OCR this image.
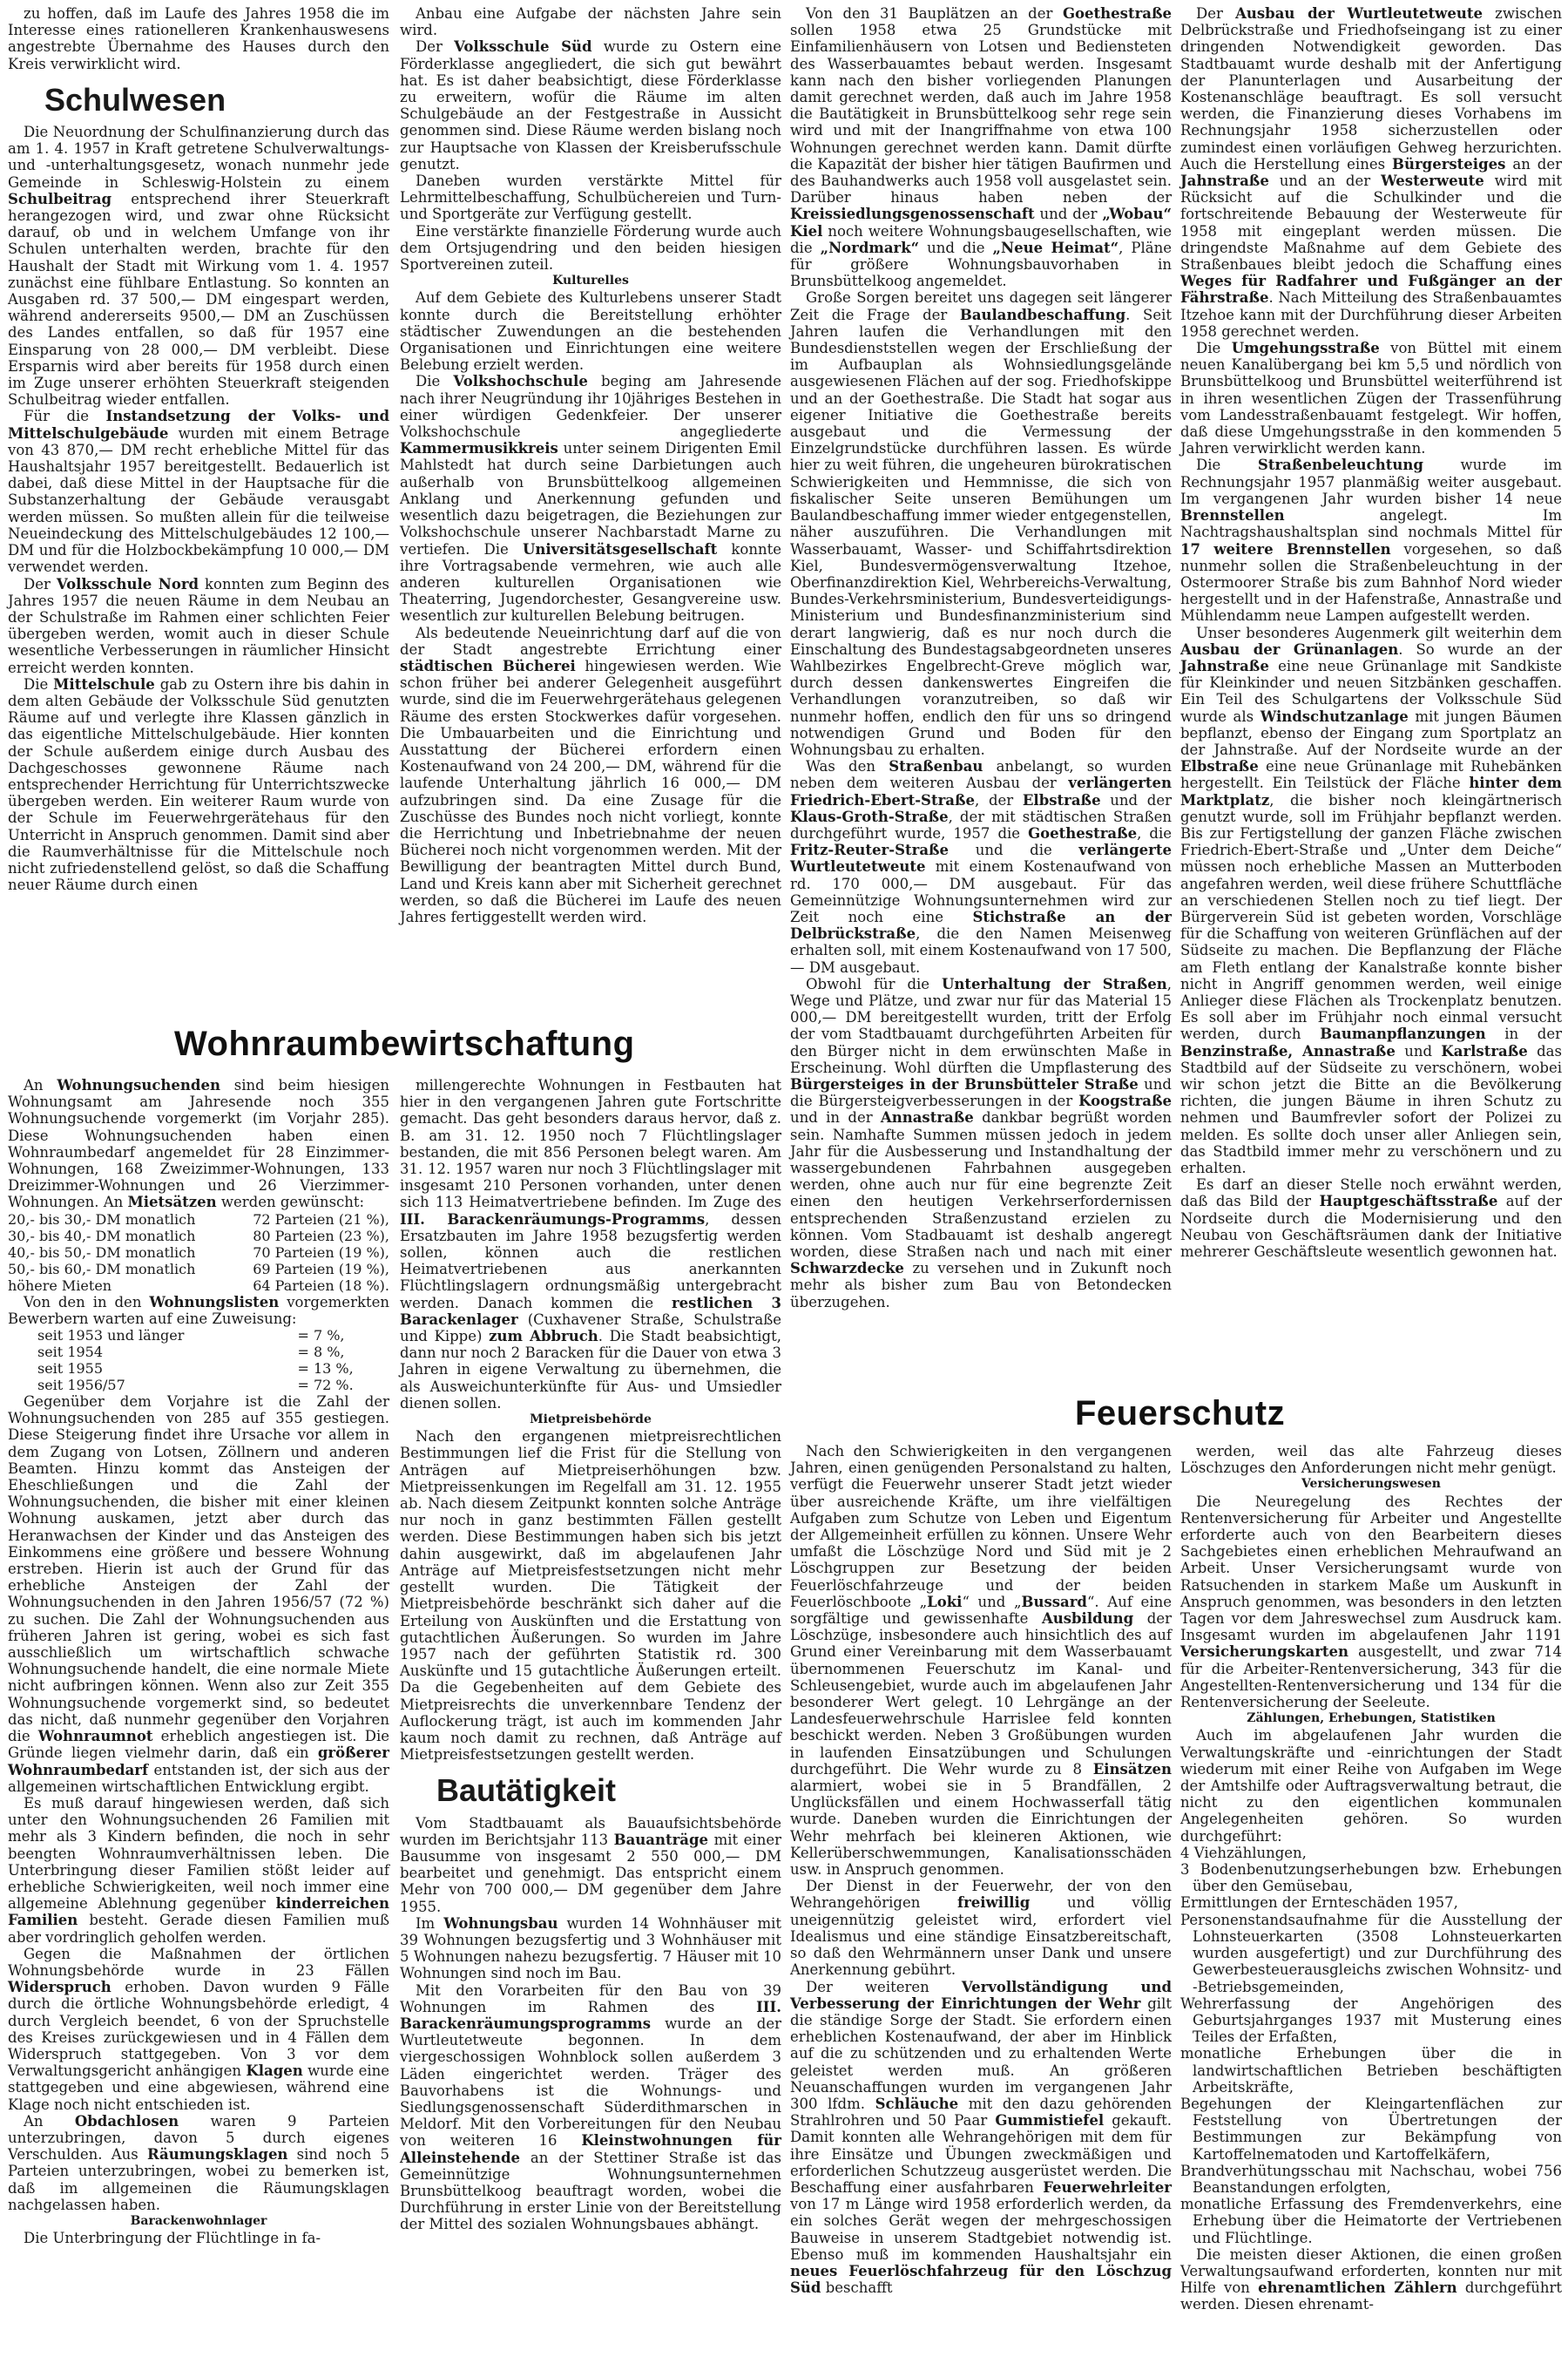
zu hoffen, daß im Laufe des Jahres 1958 die im Interesse eines rationelleren Krankenhauswesens angestrebte Übernahme des Hauses durch den Kreis verwirklicht wird.

Schulwesen

Die Neuordnung der Schulfinanzierung durch das am 1. 4. 1957 in Kraft getretene Schulverwaltungs- und -unterhaltungsgesetz, wonach nunmehr jede Gemeinde in Schleswig-Holstein zu einem Schulbeitrag entsprechend ihrer Steuerkraft herangezogen wird, und zwar ohne Rücksicht darauf, ob und in welchem Umfange von ihr Schulen unterhalten werden, brachte für den Haushalt der Stadt mit Wirkung vom 1. 4. 1957 zunächst eine fühlbare Entlastung. So konnten an Ausgaben rd. 37 500,— DM eingespart werden, während andererseits 9500,— DM an Zuschüssen des Landes entfallen, so daß für 1957 eine Einsparung von 28 000,— DM verbleibt. Diese Ersparnis wird aber bereits für 1958 durch einen im Zuge unserer erhöhten Steuerkraft steigenden Schulbeitrag wieder entfallen.

Für die Instandsetzung der Volks- und Mittelschulgebäude wurden mit einem Betrage von 43 870,— DM recht erhebliche Mittel für das Haushaltsjahr 1957 bereitgestellt. Bedauerlich ist dabei, daß diese Mittel in der Hauptsache für die Substanzerhaltung der Gebäude verausgabt werden müssen. So mußten allein für die teilweise Neueindeckung des Mittelschulgebäudes 12 100,— DM und für die Holzbockbekämpfung 10 000,— DM verwendet werden.

Der Volksschule Nord konnten zum Beginn des Jahres 1957 die neuen Räume in dem Neubau an der Schulstraße im Rahmen einer schlichten Feier übergeben werden, womit auch in dieser Schule wesentliche Verbesserungen in räumlicher Hinsicht erreicht werden konnten.

Die Mittelschule gab zu Ostern ihre bis dahin in dem alten Gebäude der Volksschule Süd genutzten Räume auf und verlegte ihre Klassen gänzlich in das eigentliche Mittelschulgebäude. Hier konnten der Schule außerdem einige durch Ausbau des Dachgeschosses gewonnene Räume nach entsprechender Herrichtung für Unterrichtszwecke übergeben werden. Ein weiterer Raum wurde von der Schule im Feuerwehrgerätehaus für den Unterricht in Anspruch genommen. Damit sind aber die Raumverhältnisse für die Mittelschule noch nicht zufriedenstellend gelöst, so daß die Schaffung neuer Räume durch einen

Anbau eine Aufgabe der nächsten Jahre sein wird.

Der Volksschule Süd wurde zu Ostern eine Förderklasse angegliedert, die sich gut bewährt hat. Es ist daher beabsichtigt, diese Förderklasse zu erweitern, wofür die Räume im alten Schulgebäude an der Festgestraße in Aussicht genommen sind. Diese Räume werden bislang noch zur Hauptsache von Klassen der Kreisberufsschule genutzt.

Daneben wurden verstärkte Mittel für Lehrmittelbeschaffung, Schulbüchereien und Turn- und Sportgeräte zur Verfügung gestellt.

Eine verstärkte finanzielle Förderung wurde auch dem Ortsjugendring und den beiden hiesigen Sportvereinen zuteil.

Kulturelles

Auf dem Gebiete des Kulturlebens unserer Stadt konnte durch die Bereitstellung erhöhter städtischer Zuwendungen an die bestehenden Organisationen und Einrichtungen eine weitere Belebung erzielt werden.

Die Volkshochschule beging am Jahresende nach ihrer Neugründung ihr 10jähriges Bestehen in einer würdigen Gedenkfeier. Der unserer Volkshochschule angegliederte Kammermusikkreis unter seinem Dirigenten Emil Mahlstedt hat durch seine Darbietungen auch außerhalb von Brunsbüttelkoog allgemeinen Anklang und Anerkennung gefunden und wesentlich dazu beigetragen, die Beziehungen zur Volkshochschule unserer Nachbarstadt Marne zu vertiefen. Die Universitätsgesellschaft konnte ihre Vortragsabende vermehren, wie auch alle anderen kulturellen Organisationen wie Theaterring, Jugendorchester, Gesangvereine usw. wesentlich zur kulturellen Belebung beitrugen.

Als bedeutende Neueinrichtung darf auf die von der Stadt angestrebte Errichtung einer städtischen Bücherei hingewiesen werden. Wie schon früher bei anderer Gelegenheit ausgeführt wurde, sind die im Feuerwehrgerätehaus gelegenen Räume des ersten Stockwerkes dafür vorgesehen. Die Umbauarbeiten und die Einrichtung und Ausstattung der Bücherei erfordern einen Kostenaufwand von 24 200,— DM, während für die laufende Unterhaltung jährlich 16 000,— DM aufzubringen sind. Da eine Zusage für die Zuschüsse des Bundes noch nicht vorliegt, konnte die Herrichtung und Inbetriebnahme der neuen Bücherei noch nicht vorgenommen werden. Mit der Bewilligung der beantragten Mittel durch Bund, Land und Kreis kann aber mit Sicherheit gerechnet werden, so daß die Bücherei im Laufe des neuen Jahres fertiggestellt werden wird.

Von den 31 Bauplätzen an der Goethestraße sollen 1958 etwa 25 Grundstücke mit Einfamilienhäusern von Lotsen und Bediensteten des Wasserbauamtes bebaut werden. Insgesamt kann nach den bisher vorliegenden Planungen damit gerechnet werden, daß auch im Jahre 1958 die Bautätigkeit in Brunsbüttelkoog sehr rege sein wird und mit der Inangriffnahme von etwa 100 Wohnungen gerechnet werden kann. Damit dürfte die Kapazität der bisher hier tätigen Baufirmen und des Bauhandwerks auch 1958 voll ausgelastet sein. Darüber hinaus haben neben der Kreissiedlungsgenossenschaft und der „Wobau“ Kiel noch weitere Wohnungsbaugesellschaften, wie die „Nordmark“ und die „Neue Heimat“, Pläne für größere Wohnungsbauvorhaben in Brunsbüttelkoog angemeldet.

Große Sorgen bereitet uns dagegen seit längerer Zeit die Frage der Baulandbeschaffung. Seit Jahren laufen die Verhandlungen mit den Bundesdienststellen wegen der Erschließung der im Aufbauplan als Wohnsiedlungsgelände ausgewiesenen Flächen auf der sog. Friedhofskippe und an der Goethestraße. Die Stadt hat sogar aus eigener Initiative die Goethestraße bereits ausgebaut und die Vermessung der Einzelgrundstücke durchführen lassen. Es würde hier zu weit führen, die ungeheuren bürokratischen Schwierigkeiten und Hemmnisse, die sich von fiskalischer Seite unseren Bemühungen um Baulandbeschaffung immer wieder entgegenstellen, näher auszuführen. Die Verhandlungen mit Wasserbauamt, Wasser- und Schiffahrtsdirektion Kiel, Bundesvermögensverwaltung Itzehoe, Oberfinanzdirektion Kiel, Wehrbereichs-Verwaltung, Bundes-Verkehrsministerium, Bundesverteidigungs-Ministerium und Bundesfinanzministerium sind derart langwierig, daß es nur noch durch die Einschaltung des Bundestagsabgeordneten unseres Wahlbezirkes Engelbrecht-Greve möglich war, durch dessen dankenswertes Eingreifen die Verhandlungen voranzutreiben, so daß wir nunmehr hoffen, endlich den für uns so dringend notwendigen Grund und Boden für den Wohnungsbau zu erhalten.

Was den Straßenbau anbelangt, so wurden neben dem weiteren Ausbau der verlängerten Friedrich-Ebert-Straße, der Elbstraße und der Klaus-Groth-Straße, der mit städtischen Straßen durchgeführt wurde, 1957 die Goethestraße, die Fritz-Reuter-Straße und die verlängerte Wurtleutetweute mit einem Kostenaufwand von rd. 170 000,— DM ausgebaut. Für das Gemeinnützige Wohnungsunternehmen wird zur Zeit noch eine Stichstraße an der Delbrückstraße, die den Namen Meisenweg erhalten soll, mit einem Kostenaufwand von 17 500,— DM ausgebaut.

Obwohl für die Unterhaltung der Straßen, Wege und Plätze, und zwar nur für das Material 15 000,— DM bereitgestellt wurden, tritt der Erfolg der vom Stadtbauamt durchgeführten Arbeiten für den Bürger nicht in dem erwünschten Maße in Erscheinung. Wohl dürften die Umpflasterung des Bürgersteiges in der Brunsbütteler Straße und die Bürgersteigverbesserungen in der Koogstraße und in der Annastraße dankbar begrüßt worden sein. Namhafte Summen müssen jedoch in jedem Jahr für die Ausbesserung und Instandhaltung der wassergebundenen Fahrbahnen ausgegeben werden, ohne auch nur für eine begrenzte Zeit einen den heutigen Verkehrserfordernissen entsprechenden Straßenzustand erzielen zu können. Vom Stadbauamt ist deshalb angeregt worden, diese Straßen nach und nach mit einer Schwarzdecke zu versehen und in Zukunft noch mehr als bisher zum Bau von Betondecken überzugehen.

Der Ausbau der Wurtleutetweute zwischen Delbrückstraße und Friedhofseingang ist zu einer dringenden Notwendigkeit geworden. Das Stadtbauamt wurde deshalb mit der Anfertigung der Planunterlagen und Ausarbeitung der Kostenanschläge beauftragt. Es soll versucht werden, die Finanzierung dieses Vorhabens im Rechnungsjahr 1958 sicherzustellen oder zumindest einen vorläufigen Gehweg herzurichten. Auch die Herstellung eines Bürgersteiges an der Jahnstraße und an der Westerweute wird mit Rücksicht auf die Schulkinder und die fortschreitende Bebauung der Westerweute für 1958 mit eingeplant werden müssen. Die dringendste Maßnahme auf dem Gebiete des Straßenbaues bleibt jedoch die Schaffung eines Weges für Radfahrer und Fußgänger an der Fährstraße. Nach Mitteilung des Straßenbauamtes Itzehoe kann mit der Durchführung dieser Arbeiten 1958 gerechnet werden.

Die Umgehungsstraße von Büttel mit einem neuen Kanalübergang bei km 5,5 und nördlich von Brunsbüttelkoog und Brunsbüttel weiterführend ist in ihren wesentlichen Zügen der Trassenführung vom Landesstraßenbauamt festgelegt. Wir hoffen, daß diese Umgehungsstraße in den kommenden 5 Jahren verwirklicht werden kann.

Die Straßenbeleuchtung wurde im Rechnungsjahr 1957 planmäßig weiter ausgebaut. Im vergangenen Jahr wurden bisher 14 neue Brennstellen angelegt. Im Nachtragshaushaltsplan sind nochmals Mittel für 17 weitere Brennstellen vorgesehen, so daß nunmehr sollen die Straßenbeleuchtung in der Ostermoorer Straße bis zum Bahnhof Nord wieder hergestellt und in der Hafenstraße, Annastraße und Mühlendamm neue Lampen aufgestellt werden.

Unser besonderes Augenmerk gilt weiterhin dem Ausbau der Grünanlagen. So wurde an der Jahnstraße eine neue Grünanlage mit Sandkiste für Kleinkinder und neuen Sitzbänken geschaffen. Ein Teil des Schulgartens der Volksschule Süd wurde als Windschutzanlage mit jungen Bäumen bepflanzt, ebenso der Eingang zum Sportplatz an der Jahnstraße. Auf der Nordseite wurde an der Elbstraße eine neue Grünanlage mit Ruhebänken hergestellt. Ein Teilstück der Fläche hinter dem Marktplatz, die bisher noch kleingärtnerisch genutzt wurde, soll im Frühjahr bepflanzt werden. Bis zur Fertigstellung der ganzen Fläche zwischen Friedrich-Ebert-Straße und „Unter dem Deiche“ müssen noch erhebliche Massen an Mutterboden angefahren werden, weil diese frühere Schuttfläche an verschiedenen Stellen noch zu tief liegt. Der Bürgerverein Süd ist gebeten worden, Vorschläge für die Schaffung von weiteren Grünflächen auf der Südseite zu machen. Die Bepflanzung der Fläche am Fleth entlang der Kanalstraße konnte bisher nicht in Angriff genommen werden, weil einige Anlieger diese Flächen als Trockenplatz benutzen. Es soll aber im Frühjahr noch einmal versucht werden, durch Baumanpflanzungen in der Benzinstraße, Annastraße und Karlstraße das Stadtbild auf der Südseite zu verschönern, wobei wir schon jetzt die Bitte an die Bevölkerung richten, die jungen Bäume in ihren Schutz zu nehmen und Baumfrevler sofort der Polizei zu melden. Es sollte doch unser aller Anliegen sein, das Stadtbild immer mehr zu verschönern und zu erhalten.

Es darf an dieser Stelle noch erwähnt werden, daß das Bild der Hauptgeschäftsstraße auf der Nordseite durch die Modernisierung und den Neubau von Geschäftsräumen dank der Initiative mehrerer Geschäftsleute wesentlich gewonnen hat.

Wohnraumbewirtschaftung

An Wohnungsuchenden sind beim hiesigen Wohnungsamt am Jahresende noch 355 Wohnungsuchende vorgemerkt (im Vorjahr 285). Diese Wohnungsuchenden haben einen Wohnraumbedarf angemeldet für 28 Einzimmer-Wohnungen, 168 Zweizimmer-Wohnungen, 133 Dreizimmer-Wohnungen und 26 Vierzimmer-Wohnungen. An Mietsätzen werden gewünscht:

20,- bis 30,- DM monatlich	72 Parteien (21 %),
30,- bis 40,- DM monatlich	80 Parteien (23 %),
40,- bis 50,- DM monatlich	70 Parteien (19 %),
50,- bis 60,- DM monatlich	69 Parteien (19 %),
höhere Mieten	64 Parteien (18 %).

Von den in den Wohnungslisten vorgemerkten Bewerbern warten auf eine Zuweisung:

seit 1953 und länger	= 7 %,
seit 1954	= 8 %,
seit 1955	= 13 %,
seit 1956/57	= 72 %.

Gegenüber dem Vorjahre ist die Zahl der Wohnungsuchenden von 285 auf 355 gestiegen. Diese Steigerung findet ihre Ursache vor allem in dem Zugang von Lotsen, Zöllnern und anderen Beamten. Hinzu kommt das Ansteigen der Eheschließungen und die Zahl der Wohnungsuchenden, die bisher mit einer kleinen Wohnung auskamen, jetzt aber durch das Heranwachsen der Kinder und das Ansteigen des Einkommens eine größere und bessere Wohnung erstreben. Hierin ist auch der Grund für das erhebliche Ansteigen der Zahl der Wohnungsuchenden in den Jahren 1956/57 (72 %) zu suchen. Die Zahl der Wohnungsuchenden aus früheren Jahren ist gering, wobei es sich fast ausschließlich um wirtschaftlich schwache Wohnungsuchende handelt, die eine normale Miete nicht aufbringen können. Wenn also zur Zeit 355 Wohnungsuchende vorgemerkt sind, so bedeutet das nicht, daß nunmehr gegenüber den Vorjahren die Wohnraumnot erheblich angestiegen ist. Die Gründe liegen vielmehr darin, daß ein größerer Wohnraumbedarf entstanden ist, der sich aus der allgemeinen wirtschaftlichen Entwicklung ergibt.

Es muß darauf hingewiesen werden, daß sich unter den Wohnungsuchenden 26 Familien mit mehr als 3 Kindern befinden, die noch in sehr beengten Wohnraumverhältnissen leben. Die Unterbringung dieser Familien stößt leider auf erhebliche Schwierigkeiten, weil noch immer eine allgemeine Ablehnung gegenüber kinderreichen Familien besteht. Gerade diesen Familien muß aber vordringlich geholfen werden.

Gegen die Maßnahmen der örtlichen Wohnungsbehörde wurde in 23 Fällen Widerspruch erhoben. Davon wurden 9 Fälle durch die örtliche Wohnungsbehörde erledigt, 4 durch Vergleich beendet, 6 von der Spruchstelle des Kreises zurückgewiesen und in 4 Fällen dem Widerspruch stattgegeben. Von 3 vor dem Verwaltungsgericht anhängigen Klagen wurde eine stattgegeben und eine abgewiesen, während eine Klage noch nicht entschieden ist.

An Obdachlosen waren 9 Parteien unterzubringen, davon 5 durch eigenes Verschulden. Aus Räumungsklagen sind noch 5 Parteien unterzubringen, wobei zu bemerken ist, daß im allgemeinen die Räumungsklagen nachgelassen haben.

Barackenwohnlager

Die Unterbringung der Flüchtlinge in fa-

millengerechte Wohnungen in Festbauten hat hier in den vergangenen Jahren gute Fortschritte gemacht. Das geht besonders daraus hervor, daß z. B. am 31. 12. 1950 noch 7 Flüchtlingslager bestanden, die mit 856 Personen belegt waren. Am 31. 12. 1957 waren nur noch 3 Flüchtlingslager mit insgesamt 210 Personen vorhanden, unter denen sich 113 Heimatvertriebene befinden. Im Zuge des III. Barackenräumungs-Programms, dessen Ersatzbauten im Jahre 1958 bezugsfertig werden sollen, können auch die restlichen Heimatvertriebenen aus anerkannten Flüchtlingslagern ordnungsmäßig untergebracht werden. Danach kommen die restlichen 3 Barackenlager (Cuxhavener Straße, Schulstraße und Kippe) zum Abbruch. Die Stadt beabsichtigt, dann nur noch 2 Baracken für die Dauer von etwa 3 Jahren in eigene Verwaltung zu übernehmen, die als Ausweichunterkünfte für Aus- und Umsiedler dienen sollen.

Mietpreisbehörde

Nach den ergangenen mietpreisrechtlichen Bestimmungen lief die Frist für die Stellung von Anträgen auf Mietpreiserhöhungen bzw. Mietpreissenkungen im Regelfall am 31. 12. 1955 ab. Nach diesem Zeitpunkt konnten solche Anträge nur noch in ganz bestimmten Fällen gestellt werden. Diese Bestimmungen haben sich bis jetzt dahin ausgewirkt, daß im abgelaufenen Jahr Anträge auf Mietpreisfestsetzungen nicht mehr gestellt wurden. Die Tätigkeit der Mietpreisbehörde beschränkt sich daher auf die Erteilung von Auskünften und die Erstattung von gutachtlichen Äußerungen. So wurden im Jahre 1957 nach der geführten Statistik rd. 300 Auskünfte und 15 gutachtliche Äußerungen erteilt. Da die Gegebenheiten auf dem Gebiete des Mietpreisrechts die unverkennbare Tendenz der Auflockerung trägt, ist auch im kommenden Jahr kaum noch damit zu rechnen, daß Anträge auf Mietpreisfestsetzungen gestellt werden.

Bautätigkeit

Vom Stadtbauamt als Bauaufsichtsbehörde wurden im Berichtsjahr 113 Bauanträge mit einer Bausumme von insgesamt 2 550 000,— DM bearbeitet und genehmigt. Das entspricht einem Mehr von 700 000,— DM gegenüber dem Jahre 1955.

Im Wohnungsbau wurden 14 Wohnhäuser mit 39 Wohnungen bezugsfertig und 3 Wohnhäuser mit 5 Wohnungen nahezu bezugsfertig. 7 Häuser mit 10 Wohnungen sind noch im Bau.

Mit den Vorarbeiten für den Bau von 39 Wohnungen im Rahmen des III. Barackenräumungsprogramms wurde an der Wurtleutetweute begonnen. In dem viergeschossigen Wohnblock sollen außerdem 3 Läden eingerichtet werden. Träger des Bauvorhabens ist die Wohnungs- und Siedlungsgenossenschaft Süderdithmarschen in Meldorf. Mit den Vorbereitungen für den Neubau von weiteren 16 Kleinstwohnungen für Alleinstehende an der Stettiner Straße ist das Gemeinnützige Wohnungsunternehmen Brunsbüttelkoog beauftragt worden, wobei die Durchführung in erster Linie von der Bereitstellung der Mittel des sozialen Wohnungsbaues abhängt.

Feuerschutz

Nach den Schwierigkeiten in den vergangenen Jahren, einen genügenden Personalstand zu halten, verfügt die Feuerwehr unserer Stadt jetzt wieder über ausreichende Kräfte, um ihre vielfältigen Aufgaben zum Schutze von Leben und Eigentum der Allgemeinheit erfüllen zu können. Unsere Wehr umfaßt die Löschzüge Nord und Süd mit je 2 Löschgruppen zur Besetzung der beiden Feuerlöschfahrzeuge und der beiden Feuerlöschboote „Loki“ und „Bussard“. Auf eine sorgfältige und gewissenhafte Ausbildung der Löschzüge, insbesondere auch hinsichtlich des auf Grund einer Vereinbarung mit dem Wasserbauamt übernommenen Feuerschutz im Kanal- und Schleusengebiet, wurde auch im abgelaufenen Jahr besonderer Wert gelegt. 10 Lehrgänge an der Landesfeuerwehrschule Harrislee feld konnten beschickt werden. Neben 3 Großübungen wurden in laufenden Einsatzübungen und Schulungen durchgeführt. Die Wehr wurde zu 8 Einsätzen alarmiert, wobei sie in 5 Brandfällen, 2 Unglücksfällen und einem Hochwasserfall tätig wurde. Daneben wurden die Einrichtungen der Wehr mehrfach bei kleineren Aktionen, wie Kellerüberschwemmungen, Kanalisationsschäden usw. in Anspruch genommen.

Der Dienst in der Feuerwehr, der von den Wehrangehörigen freiwillig und völlig uneigennützig geleistet wird, erfordert viel Idealismus und eine ständige Einsatzbereitschaft, so daß den Wehrmännern unser Dank und unsere Anerkennung gebührt.

Der weiteren Vervollständigung und Verbesserung der Einrichtungen der Wehr gilt die ständige Sorge der Stadt. Sie erfordern einen erheblichen Kostenaufwand, der aber im Hinblick auf die zu schützenden und zu erhaltenden Werte geleistet werden muß. An größeren Neuanschaffungen wurden im vergangenen Jahr 300 lfdm. Schläuche mit den dazu gehörenden Strahlrohren und 50 Paar Gummistiefel gekauft. Damit konnten alle Wehrangehörigen mit dem für ihre Einsätze und Übungen zweckmäßigen und erforderlichen Schutzzeug ausgerüstet werden. Die Beschaffung einer ausfahrbaren Feuerwehrleiter von 17 m Länge wird 1958 erforderlich werden, da ein solches Gerät wegen der mehrgeschossigen Bauweise in unserem Stadtgebiet notwendig ist. Ebenso muß im kommenden Haushaltsjahr ein neues Feuerlöschfahrzeug für den Löschzug Süd beschafft

werden, weil das alte Fahrzeug dieses Löschzuges den Anforderungen nicht mehr genügt.

Versicherungswesen

Die Neuregelung des Rechtes der Rentenversicherung für Arbeiter und Angestellte erforderte auch von den Bearbeitern dieses Sachgebietes einen erheblichen Mehraufwand an Arbeit. Unser Versicherungsamt wurde von Ratsuchenden in starkem Maße um Auskunft in Anspruch genommen, was besonders in den letzten Tagen vor dem Jahreswechsel zum Ausdruck kam. Insgesamt wurden im abgelaufenen Jahr 1191 Versicherungskarten ausgestellt, und zwar 714 für die Arbeiter-Rentenversicherung, 343 für die Angestellten-Rentenversicherung und 134 für die Rentenversicherung der Seeleute.

Zählungen, Erhebungen, Statistiken

Auch im abgelaufenen Jahr wurden die Verwaltungskräfte und -einrichtungen der Stadt wiederum mit einer Reihe von Aufgaben im Wege der Amtshilfe oder Auftragsverwaltung betraut, die nicht zu den eigentlichen kommunalen Angelegenheiten gehören. So wurden durchgeführt:

4 Viehzählungen,

3 Bodenbenutzungserhebungen bzw. Erhebungen über den Gemüsebau,

Ermittlungen der Ernteschäden 1957,

Personenstandsaufnahme für die Ausstellung der Lohnsteuerkarten (3508 Lohnsteuerkarten wurden ausgefertigt) und zur Durchführung des Gewerbesteuerausgleichs zwischen Wohnsitz- und -Betriebsgemeinden,

Wehrerfassung der Angehörigen des Geburtsjahrganges 1937 mit Musterung eines Teiles der Erfaßten,

monatliche Erhebungen über die in landwirtschaftlichen Betrieben beschäftigten Arbeitskräfte,

Begehungen der Kleingartenflächen zur Feststellung von Übertretungen der Bestimmungen zur Bekämpfung von Kartoffelnematoden und Kartoffelkäfern,

Brandverhütungsschau mit Nachschau, wobei 756 Beanstandungen erfolgten,

monatliche Erfassung des Fremdenverkehrs, eine Erhebung über die Heimatorte der Vertriebenen und Flüchtlinge.

Die meisten dieser Aktionen, die einen großen Verwaltungsaufwand erforderten, konnten nur mit Hilfe von ehrenamtlichen Zählern durchgeführt werden. Diesen ehrenamt-
